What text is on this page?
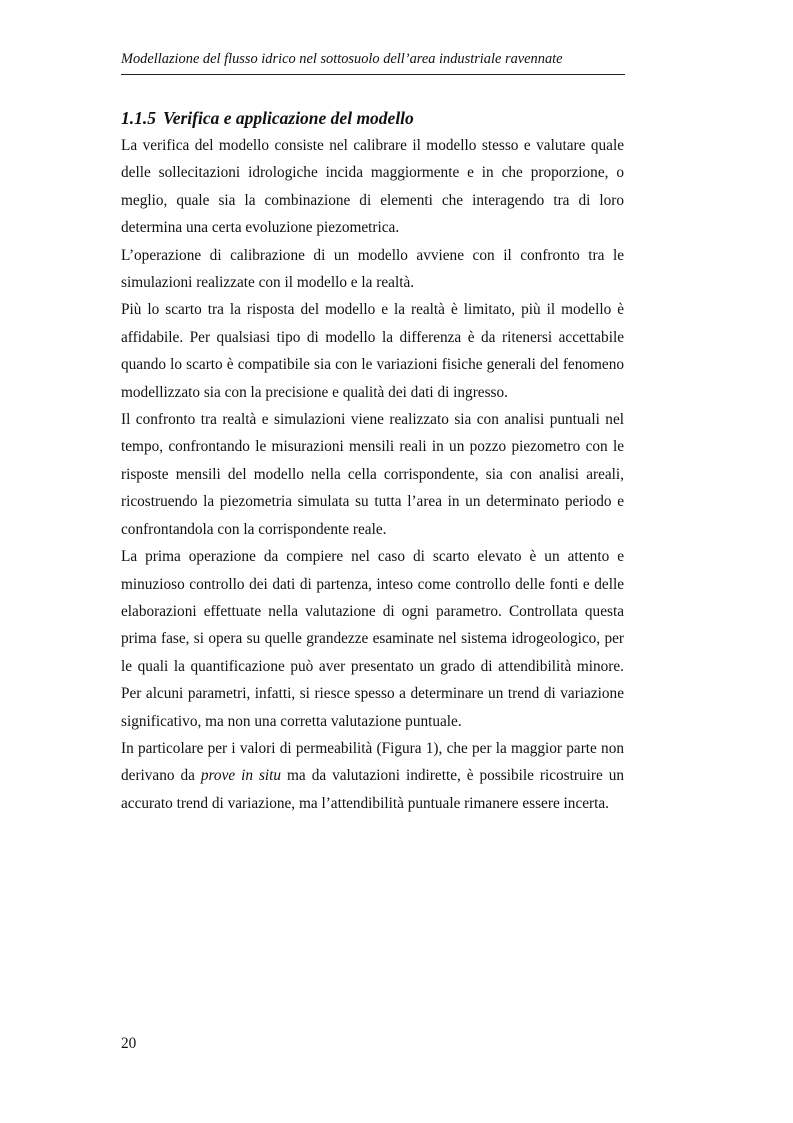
Modellazione del flusso idrico nel sottosuolo dell’area industriale ravennate
1.1.5 Verifica e applicazione del modello

La verifica del modello consiste nel calibrare il modello stesso e valutare quale delle sollecitazioni idrologiche incida maggiormente e in che proporzione, o meglio, quale sia la combinazione di elementi che interagendo tra di loro determina una certa evoluzione piezometrica.

L’operazione di calibrazione di un modello avviene con il confronto tra le simulazioni realizzate con il modello e la realtà.

Più lo scarto tra la risposta del modello e la realtà è limitato, più il modello è affidabile. Per qualsiasi tipo di modello la differenza è da ritenersi accettabile quando lo scarto è compatibile sia con le variazioni fisiche generali del fenomeno modellizzato sia con la precisione e qualità dei dati di ingresso.

Il confronto tra realtà e simulazioni viene realizzato sia con analisi puntuali nel tempo, confrontando le misurazioni mensili reali in un pozzo piezometro con le risposte mensili del modello nella cella corrispondente, sia con analisi areali, ricostruendo la piezometria simulata su tutta l’area in un determinato periodo e confrontandola con la corrispondente reale.

La prima operazione da compiere nel caso di scarto elevato è un attento e minuzioso controllo dei dati di partenza, inteso come controllo delle fonti e delle elaborazioni effettuate nella valutazione di ogni parametro. Controllata questa prima fase, si opera su quelle grandezze esaminate nel sistema idrogeologico, per le quali la quantificazione può aver presentato un grado di attendibilità minore. Per alcuni parametri, infatti, si riesce spesso a determinare un trend di variazione significativo, ma non una corretta valutazione puntuale.

In particolare per i valori di permeabilità (Figura 1), che per la maggior parte non derivano da prove in situ ma da valutazioni indirette, è possibile ricostruire un accurato trend di variazione, ma l’attendibilità puntuale rimanere essere incerta.

20
